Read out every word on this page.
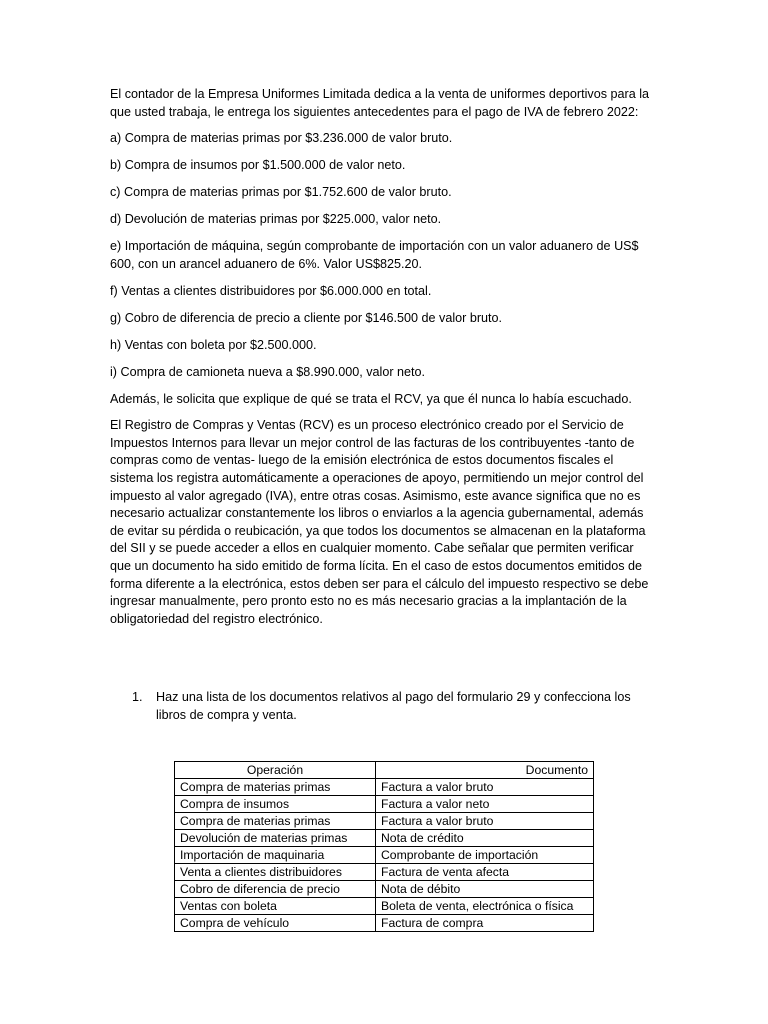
El contador de la Empresa Uniformes Limitada dedica a la venta de uniformes deportivos para la que usted trabaja, le entrega los siguientes antecedentes para el pago de IVA de febrero 2022:

a) Compra de materias primas por $3.236.000 de valor bruto.

b) Compra de insumos por $1.500.000 de valor neto.

c) Compra de materias primas por $1.752.600 de valor bruto.

d) Devolución de materias primas por $225.000, valor neto.

e) Importación de máquina, según comprobante de importación con un valor aduanero de US$ 600, con un arancel aduanero de 6%. Valor US$825.20.

f) Ventas a clientes distribuidores por $6.000.000 en total.

g) Cobro de diferencia de precio a cliente por $146.500 de valor bruto.

h) Ventas con boleta por $2.500.000.

i) Compra de camioneta nueva a $8.990.000, valor neto.

Además, le solicita que explique de qué se trata el RCV, ya que él nunca lo había escuchado.

El Registro de Compras y Ventas (RCV) es un proceso electrónico creado por el Servicio de Impuestos Internos para llevar un mejor control de las facturas de los contribuyentes -tanto de compras como de ventas- luego de la emisión electrónica de estos documentos fiscales el sistema los registra automáticamente a operaciones de apoyo, permitiendo un mejor control del impuesto al valor agregado (IVA), entre otras cosas. Asimismo, este avance significa que no es necesario actualizar constantemente los libros o enviarlos a la agencia gubernamental, además de evitar su pérdida o reubicación, ya que todos los documentos se almacenan en la plataforma del SII y se puede acceder a ellos en cualquier momento. Cabe señalar que permiten verificar que un documento ha sido emitido de forma lícita. En el caso de estos documentos emitidos de forma diferente a la electrónica, estos deben ser para el cálculo del impuesto respectivo se debe ingresar manualmente, pero pronto esto no es más necesario gracias a la implantación de la obligatoriedad del registro electrónico.

1.	Haz una lista de los documentos relativos al pago del formulario 29 y confecciona los libros de compra y venta.
Operación	Documento
Compra de materias primas	Factura a valor bruto
Compra de insumos	Factura a valor neto
Compra de materias primas	Factura a valor bruto
Devolución de materias primas	Nota de crédito
Importación de maquinaria	Comprobante de importación
Venta a clientes distribuidores	Factura de venta afecta
Cobro de diferencia de precio	Nota de débito
Ventas con boleta	Boleta de venta, electrónica o física
Compra de vehículo	Factura de compra
